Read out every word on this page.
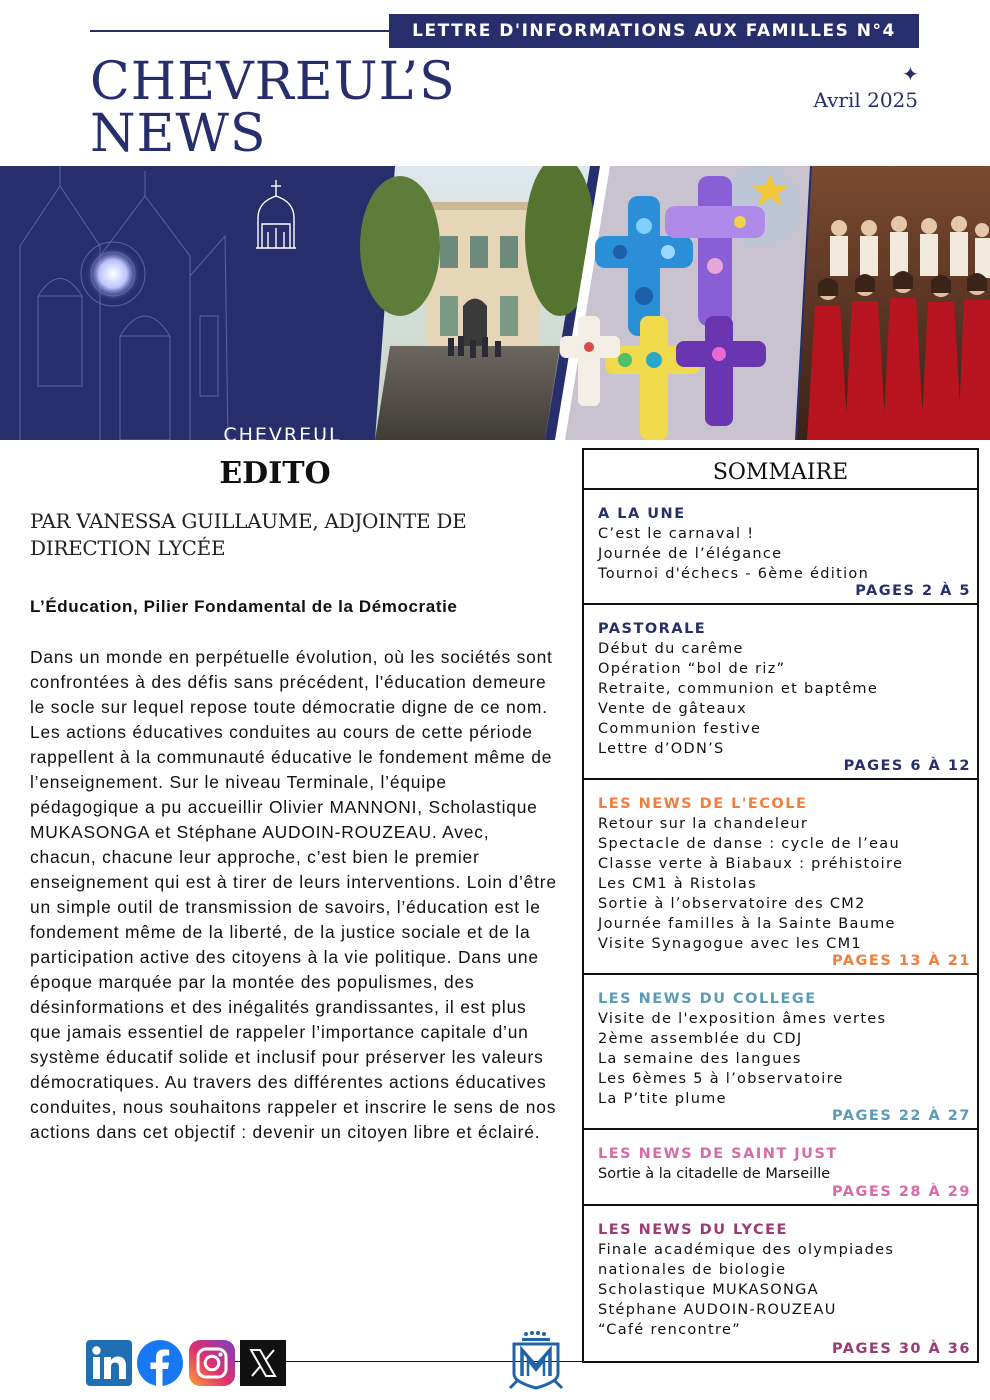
LETTRE D'INFORMATIONS AUX FAMILLES N°4
CHEVREUL’S
NEWS
✦
Avril 2025
CHEVREUL
EDITO
PAR VANESSA GUILLAUME, ADJOINTE DE DIRECTION LYCÉE
L’Éducation, Pilier Fondamental de la Démocratie

Dans un monde en perpétuelle évolution, où les sociétés sont confrontées à des défis sans précédent, l'éducation demeure le socle sur lequel repose toute démocratie digne de ce nom. Les actions éducatives conduites au cours de cette période rappellent à la communauté éducative le fondement même de l’enseignement. Sur le niveau Terminale, l’équipe pédagogique a pu accueillir Olivier MANNONI, Scholastique MUKASONGA et Stéphane AUDOIN-ROUZEAU. Avec, chacun, chacune leur approche, c’est bien le premier enseignement qui est à tirer de leurs interventions. Loin d’être un simple outil de transmission de savoirs, l’éducation est le fondement même de la liberté, de la justice sociale et de la participation active des citoyens à la vie politique. Dans une époque marquée par la montée des populismes, des désinformations et des inégalités grandissantes, il est plus que jamais essentiel de rappeler l’importance capitale d’un système éducatif solide et inclusif pour préserver les valeurs démocratiques. Au travers des différentes actions éducatives conduites, nous souhaitons rappeler et inscrire le sens de nos actions dans cet objectif : devenir un citoyen libre et éclairé.

SOMMAIRE
A LA UNE
C’est le carnaval !
Journée de l’élégance
Tournoi d'échecs - 6ème édition
PAGES 2 À 5
PASTORALE
Début du carême
Opération “bol de riz”
Retraite, communion et baptême
Vente de gâteaux
Communion festive
Lettre d’ODN’S
PAGES 6 À 12
LES NEWS DE L'ECOLE
Retour sur la chandeleur
Spectacle de danse : cycle de l’eau
Classe verte à Biabaux : préhistoire
Les CM1 à Ristolas
Sortie à l’observatoire des CM2
Journée familles à la Sainte Baume
Visite Synagogue avec les CM1
PAGES 13 À 21
LES NEWS DU COLLEGE
Visite de l'exposition âmes vertes
2ème assemblée du CDJ
La semaine des langues
Les 6èmes 5 à l’observatoire
La P’tite plume
PAGES 22 À 27
LES NEWS DE SAINT JUST
Sortie à la citadelle de Marseille
PAGES 28 À 29
LES NEWS DU LYCEE
Finale académique des olympiades
nationales de biologie
Scholastique MUKASONGA
Stéphane AUDOIN-ROUZEAU
“Café rencontre”
PAGES 30 À 36
